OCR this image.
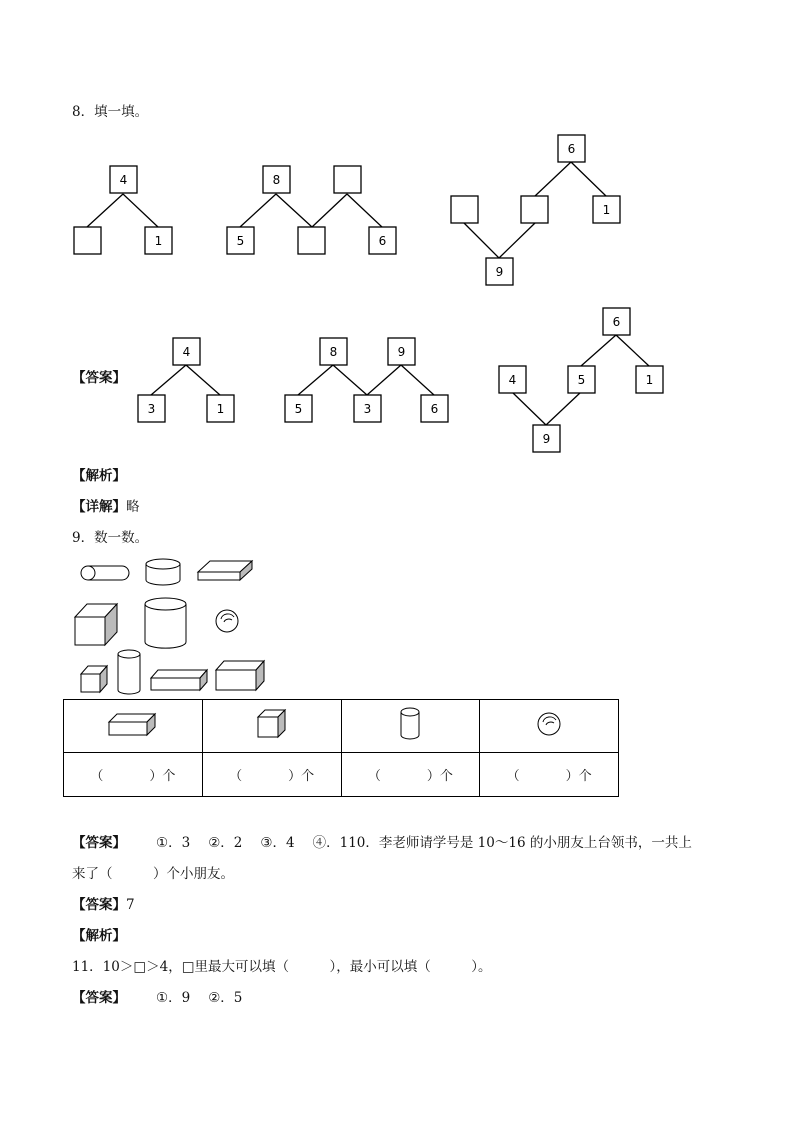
8．填一填。
4
1
8
5	6
6
1
9
4
3	1
8	9
5	3	6
6
4	5	1
9
【答案】
【解析】
【详解】略
9．数一数。

（ ）个	（ ）个	（ ）个	（ ）个
【答案】 ①．3 ②．2 ③．4 ④．110．李老师请学号是 10～16 的小朋友上台领书，一共上
来了（　　　）个小朋友。
【答案】7
【解析】
11．10＞□＞4，□里最大可以填（　　　），最小可以填（　　　）。
【答案】 ①．9 ②．5
